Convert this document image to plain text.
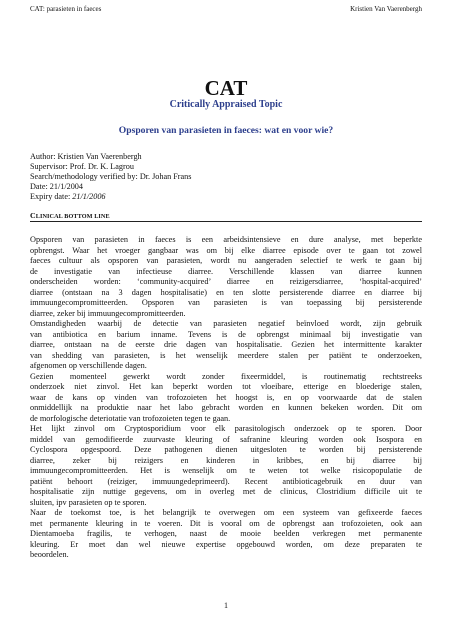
CAT: parasieten in faeces	Kristien Van Vaerenbergh
CAT
Critically Appraised Topic
Opsporen van parasieten in faeces: wat en voor wie?
Author: Kristien Van Vaerenbergh
Supervisor: Prof. Dr. K. Lagrou
Search/methodology verified by: Dr. Johan Frans
Date: 21/1/2004
Expiry date: 21/1/2006
CLINICAL BOTTOM LINE
Opsporen van parasieten in faeces is een arbeidsintensieve en dure analyse, met beperkte
opbrengst. Waar het vroeger gangbaar was om bij elke diarree episode over te gaan tot zowel
faeces cultuur als opsporen van parasieten, wordt nu aangeraden selectief te werk te gaan bij
de investigatie van infectieuse diarree. Verschillende klassen van diarree kunnen
onderscheiden worden: ‘community-acquired’ diarree en reizigersdiarree, ‘hospital-acquired’
diarree (ontstaan na 3 dagen hospitalisatie) en ten slotte persisterende diarree en diarree bij
immuungecompromitteerden. Opsporen van parasieten is van toepassing bij persisterende
diarree, zeker bij immuungecompromitteerden.
Omstandigheden waarbij de detectie van parasieten negatief beïnvloed wordt, zijn gebruik
van antibiotica en barium inname. Tevens is de opbrengst minimaal bij investigatie van
diarree, ontstaan na de eerste drie dagen van hospitalisatie. Gezien het intermittente karakter
van shedding van parasieten, is het wenselijk meerdere stalen per patiënt te onderzoeken,
afgenomen op verschillende dagen.
Gezien momenteel gewerkt wordt zonder fixeermiddel, is routinematig rechtstreeks
onderzoek niet zinvol. Het kan beperkt worden tot vloeibare, etterige en bloederige stalen,
waar de kans op vinden van trofozoieten het hoogst is, en op voorwaarde dat de stalen
onmiddellijk na produktie naar het labo gebracht worden en kunnen bekeken worden. Dit om
de morfologische deteriotatie van trofozoieten tegen te gaan.
Het lijkt zinvol om Cryptosporidium voor elk parasitologisch onderzoek op te sporen. Door
middel van gemodifieerde zuurvaste kleuring of safranine kleuring worden ook Isospora en
Cyclospora opgespoord. Deze pathogenen dienen uitgesloten te worden bij persisterende
diarree, zeker bij reizigers en kinderen in kribbes, en bij diarree bij
immuungecompromitteerden. Het is wenselijk om te weten tot welke risicopopulatie de
patiënt behoort (reiziger, immuungedeprimeerd). Recent antibioticagebruik en duur van
hospitalisatie zijn nuttige gegevens, om in overleg met de clinicus, Clostridium difficile uit te
sluiten, ipv parasieten op te sporen.
Naar de toekomst toe, is het belangrijk te overwegen om een systeem van gefixeerde faeces
met permanente kleuring in te voeren. Dit is vooral om de opbrengst aan trofozoieten, ook aan
Dientamoeba fragilis, te verhogen, naast de mooie beelden verkregen met permanente
kleuring. Er moet dan wel nieuwe expertise opgebouwd worden, om deze preparaten te
beoordelen.
1
